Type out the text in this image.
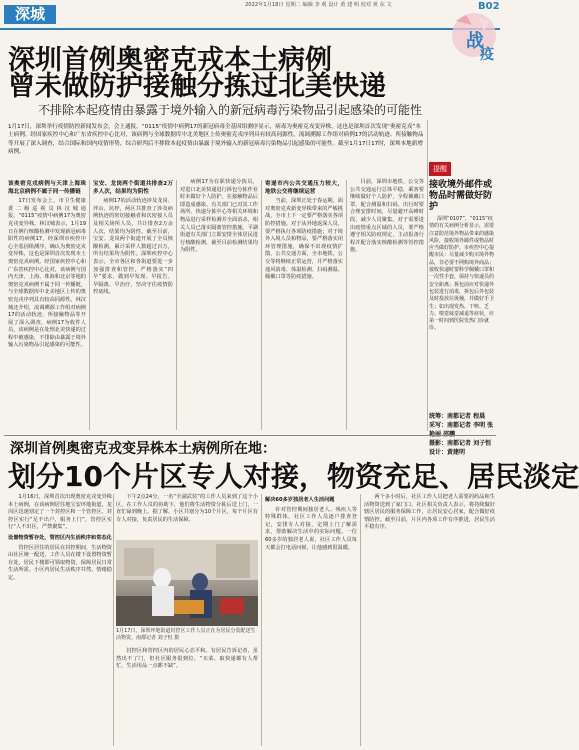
深城	2022年1月18日 星期二 编辑 李 观 设计 黄 建 明 校对 黄 东 文	B02
战
疫
深圳首例奥密克戎本土病例
曾未做防护接触分拣过北美快递
不排除本起疫情由暴露于境外输入的新冠病毒污染物品引起感染的可能性
1月17日，深圳举行疫情防控新闻发布会，会上通报，“0115”疫情中病例17的新冠病毒全基因组测序显示，病毒为奥密克戎变异株，这也是深圳首次发现“奥密克戎”本土病例。经国家疾控中心和广东省疾控中心比对，该病例与全球数据库中北美地区上传奥密克戎序列具有较高同源性。流调溯源工作组对病例17的活动轨迹、所接触物品等开展了深入调查，结合国际和国内疫情形势，综合研判后不排除本起疫情由暴露于境外输入的新冠病毒污染物品引起感染的可能性。截至1月17日17时，深圳本地新增病例。
该奥密克戎病例与天津上海珠海北京病例不属于同一传播链

17日发布会上，市卫生健康委二级巡视员林汉城通报，“0115”疫情中病例17为奥密克戎变异株。林汉城表示，1月19日在例行核酸检测中发现新冠病毒阳性的病例17，经深圳市疾控中心全基因组测序，确认为奥密克戎变异株，这也是深圳首次发现本土奥密克戎病例。经国家疾控中心和广东省疾控中心比对，该病例与国内天津、上海、珠海和北京等地的奥密克戎病例不属于同一传播链，与全球数据库中北美地区上传的奥密克戎序列具有较高同源性。林汉城还介绍，流调溯源工作组对病例17的活动轨迹、所接触物品等开展了深入调查，病例17为收件人员，该病例是在处理北美快递的过程中被感染，不排除由暴露于境外输入污染物品引起感染的可能性。

宝安、龙岗两个街道共排查2万多人次，结果均为阴性

病例17的活动轨迹涉及龙岗、坪山、坑梓，两区共排查了涉及病例轨迹的密切接触者和次密接人员及相关场所人员，共计排查2万余人次，结果均为阴性。截至目前，宝安、龙岗两个街道开展了全员核酸检测，累计采样人数超过百万，所有结果均为阴性。深圳疾控中心表示，全市各区和各街道要进一步加强排查和管控，严格落实“四早”要求，做到早发现、早报告、早隔离、早治疗，坚决守住疫情防控底线。

病例17为在职快递分拣员，对进口北美快递进行拆包分拣作业时未做好个人防护，在接触物品后即造成感染。有关部门已对其工作场所、快递分拣中心等相关环境和物品进行采样检测并全面消杀，相关人员已落实隔离管控措施。平湖街道有关部门立即安排全体居民进行核酸检测，截至目前检测结果均为阴性。

寄递市内公共交通压力较大，地铁公交将继续运营

当前，深圳正处于春运期，面对奥密克戎新变异株带来的严峻挑战，全市上下一定要严格落实各项防控措施。对于从外地返深人员，要严格执行各项防疫措施；对于境外入境人员和物品，要严格落实闭环管理措施，确保不出现疫情扩散。公共交通方面，全市地铁、公交等将继续正常运营，并严格落实通风消毒、体温检测、扫码测温、佩戴口罩等防疫措施。

目前，深圳市地铁、公交等公共交通运行总体平稳，乘客要继续做好个人防护，全程佩戴口罩，配合测温和扫码。出行时要合理安排时间，尽量避开高峰时段，减少人员聚集。对于需要进出疫情重点区域的人员，要严格遵守相关防疫规定，主动报备行程并配合落实核酸检测等管控措施。

提醒
接收境外邮件或物品时需做好防护
深圳“0107”、“0115”疫情的有关病例分析显示，需要注意防范境外物品带来的感染风险，接收境外邮件或物品时应当做好防护。市疾控中心提醒市民：尽量减少购买境外物品，非必要不网购境外商品；接收快递时要科学佩戴口罩和一次性手套，保持与快递员的安全距离；拆包前应对快递外包装进行消毒，拆包后外包装及时投放垃圾桶，并做好手卫生；如出现发热、干咳、乏力、嗅觉味觉减退等症状，应第一时间到医院发热门诊就诊。
统筹：南都记者 程晨
采写：南都记者 李明 张
摄影：南都记者 刘子恒
设计：黄建明
深圳首例奥密克戎变异株本土病例所在地：
划分10个片区专人对接，物资充足、居民淡定

1月16日，深圳首次出现奥密克戎变异株本土病例，在该病例居住地宝安坪地街道，龙岗区迅速划定了一个封控区和一个管控区。封控区实行“足不出户，服务上门”，管控区实行“人不出区，严禁聚集”。

设置物资暂存处，管控区内生活秩序和常态化

管控区居住的居民在封控期间，生活物资由社区统一配送，工作人员在楼下设置物资暂存处，居民下楼即可领取物资，保障居民日常生活所需。小区内居民生活秩序井然，情绪稳定。

下午2点24分，一名“全副武装”的工作人员来到了这个小区，在工作人员的协助下，他们将生活物资分拣后送上门，一直忙碌到晚上。据了解，小区共划分为10个片区，每个片区有专人对接，负责居民的生活保障。

1月17日，深圳坪地街道封控区工作人员正在为居民分装配送生活物资。南都记者 刘子恒 摄

封控区和管控区内的居民心态平和。有居民告诉记者，虽然出不了门，但社区服务很到位，“买菜、取快递都有人帮忙，生活用品一点都不缺”。

解决60多岁独居老人生活问题

针对管控期间独居老人、残疾人等特殊群体，社区工作人员逐户排查登记，安排专人对接，定期上门了解需求，帮助解决生活中的实际问题。一位60多岁的独居老人说，社区工作人员每天都会打电话问候，让他感到很温暖。

两个多小时后，社区工作人员把老人需要的药品和生活物资送到了家门口。社区相关负责人表示，将持续做好辖区居民的服务保障工作，让居民安心居家，配合做好疫情防控。截至目前，片区内各项工作有序推进，居民生活平稳有序。
